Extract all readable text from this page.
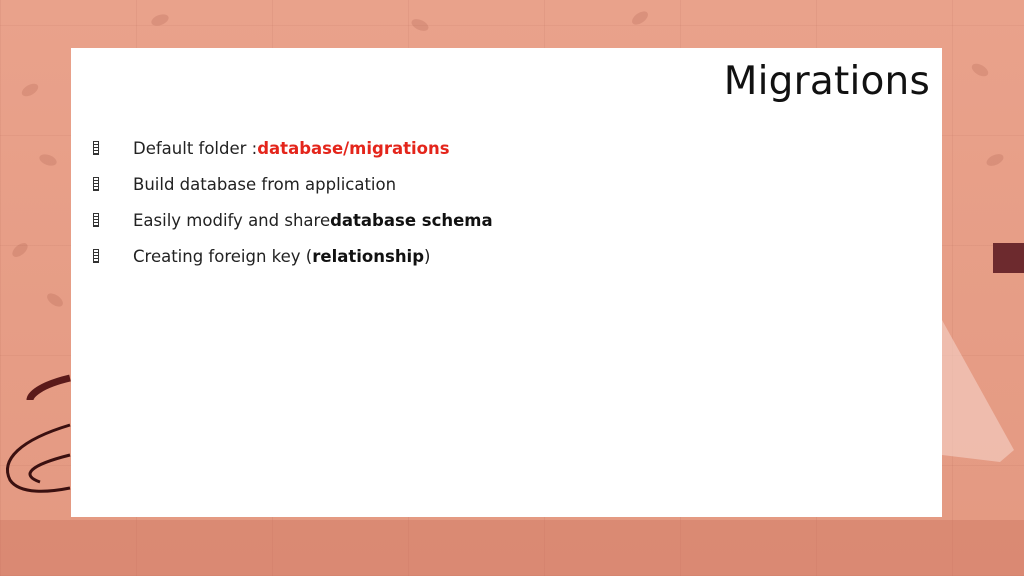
Migrations
Default folder : database/migrations
Build database from application
Easily modify and share database schema
Creating foreign key ( relationship )
